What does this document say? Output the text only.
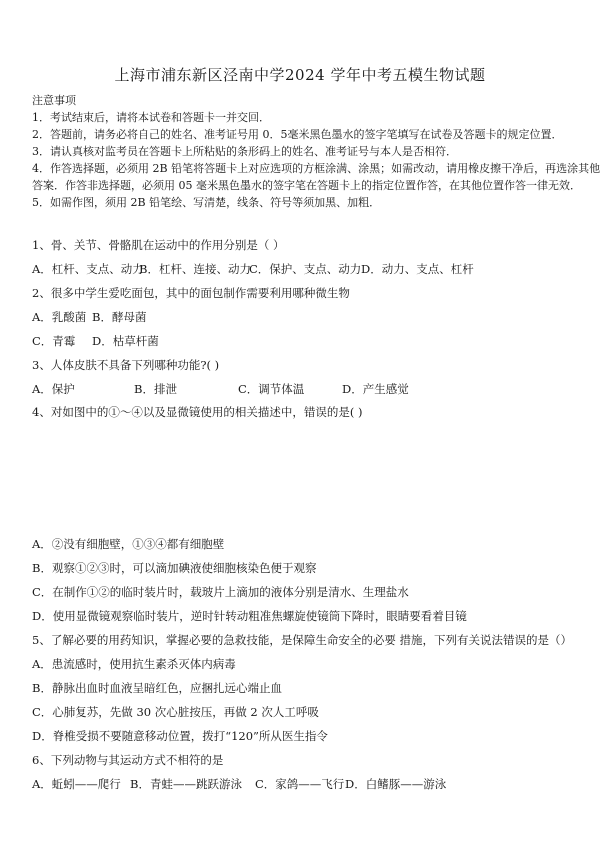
上海市浦东新区泾南中学2024 学年中考五模生物试题
注意事项
1．考试结束后，请将本试卷和答题卡一并交回．
2．答题前，请务必将自己的姓名、准考证号用 0．5毫米黑色墨水的签字笔填写在试卷及答题卡的规定位置．
3．请认真核对监考员在答题卡上所粘贴的条形码上的姓名、准考证号与本人是否相符．
4．作答选择题，必须用 2B 铅笔将答题卡上对应选项的方框涂满、涂黑；如需改动，请用橡皮擦干净后，再选涂其他
答案．作答非选择题，必须用 05 毫米黑色墨水的签字笔在答题卡上的指定位置作答，在其他位置作答一律无效．
5．如需作图，须用 2B 铅笔绘、写清楚，线条、符号等须加黑、加粗．
1、骨、关节、骨骼肌在运动中的作用分别是（ ）
A．杠杆、支点、动力B．杠杆、连接、动力C．保护、支点、动力D．动力、支点、杠杆
2、很多中学生爱吃面包，其中的面包制作需要利用哪种微生物
A．乳酸菌 B．酵母菌
C．青霉 D．枯草杆菌
3、人体皮肤不具备下列哪种功能?( )
A．保护	B．排泄	C．调节体温	D．产生感觉
4、对如图中的①～④以及显微镜使用的相关描述中，错误的是( )
A．②没有细胞壁，①③④都有细胞壁
B．观察①②③时，可以滴加碘液使细胞核染色便于观察
C．在制作①②的临时装片时，载玻片上滴加的液体分别是清水、生理盐水
D．使用显微镜观察临时装片，逆时针转动粗准焦螺旋使镜筒下降时，眼睛要看着目镜
5、了解必要的用药知识，掌握必要的急救技能，是保障生命安全的必要 措施，下列有关说法错误的是（）
A．患流感时，使用抗生素杀灭体内病毒
B．静脉出血时血液呈暗红色，应捆扎远心端止血
C．心肺复苏，先做 30 次心脏按压，再做 2 次人工呼吸
D．脊椎受损不要随意移动位置，拨打“120”所从医生指令
6、下列动物与其运动方式不相符的是
A．蚯蚓——爬行 B．青蛙——跳跃游泳 C．家鸽——飞行D．白鳍豚——游泳
